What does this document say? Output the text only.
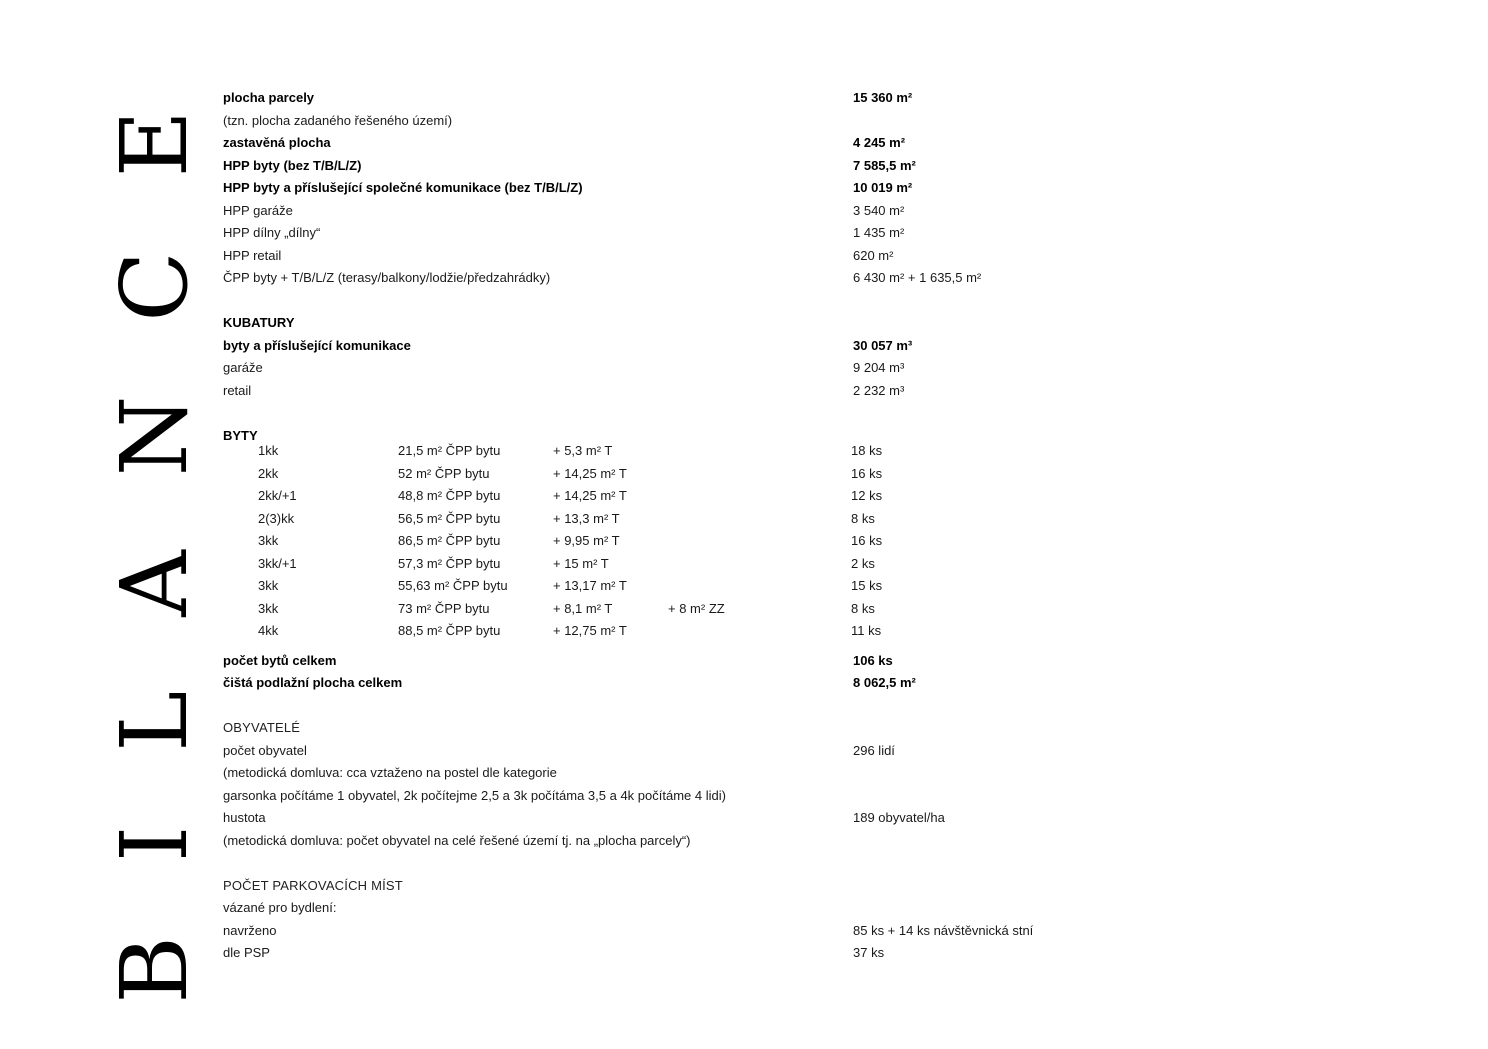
BILANCE plocha parcely	15 360 m²
(tzn. plocha zadaného řešeného území)
zastavěná plocha	4 245 m²
HPP byty (bez T/B/L/Z)	7 585,5 m²
HPP byty a příslušející společné komunikace (bez T/B/L/Z)	10 019 m²
HPP garáže	3 540 m²
HPP dílny „dílny“	1 435 m²
HPP retail	620 m²
ČPP byty + T/B/L/Z (terasy/balkony/lodžie/předzahrádky)	6 430 m² + 1 635,5 m²
KUBATURY
byty a příslušející komunikace	30 057 m³
garáže	9 204 m³
retail	2 232 m³
BYTY
1kk	21,5 m² ČPP bytu	+ 5,3 m² T	18 ks
2kk	52 m² ČPP bytu	+ 14,25 m² T	16 ks
2kk/+1	48,8 m² ČPP bytu	+ 14,25 m² T	12 ks
2(3)kk	56,5 m² ČPP bytu	+ 13,3 m² T	8 ks
3kk	86,5 m² ČPP bytu	+ 9,95 m² T	16 ks
3kk/+1	57,3 m² ČPP bytu	+ 15 m² T	2 ks
3kk	55,63 m² ČPP bytu	+ 13,17 m² T	15 ks
3kk	73 m² ČPP bytu	+ 8,1 m² T	+ 8 m² ZZ	8 ks
4kk	88,5 m² ČPP bytu	+ 12,75 m² T	11 ks
počet bytů celkem	106 ks
čištá podlažní plocha celkem	8 062,5 m²
OBYVATELÉ
počet obyvatel	296 lidí
(metodická domluva: cca vztaženo na postel dle kategorie
garsonka počítáme 1 obyvatel, 2k počítejme 2,5 a 3k počítáma 3,5 a 4k počítáme 4 lidi)
hustota	189 obyvatel/ha
(metodická domluva: počet obyvatel na celé řešené území tj. na „plocha parcely“)
POČET PARKOVACÍCH MÍST
vázané pro bydlení:
navrženo	85 ks + 14 ks návštěvnická stní
dle PSP	37 ks
